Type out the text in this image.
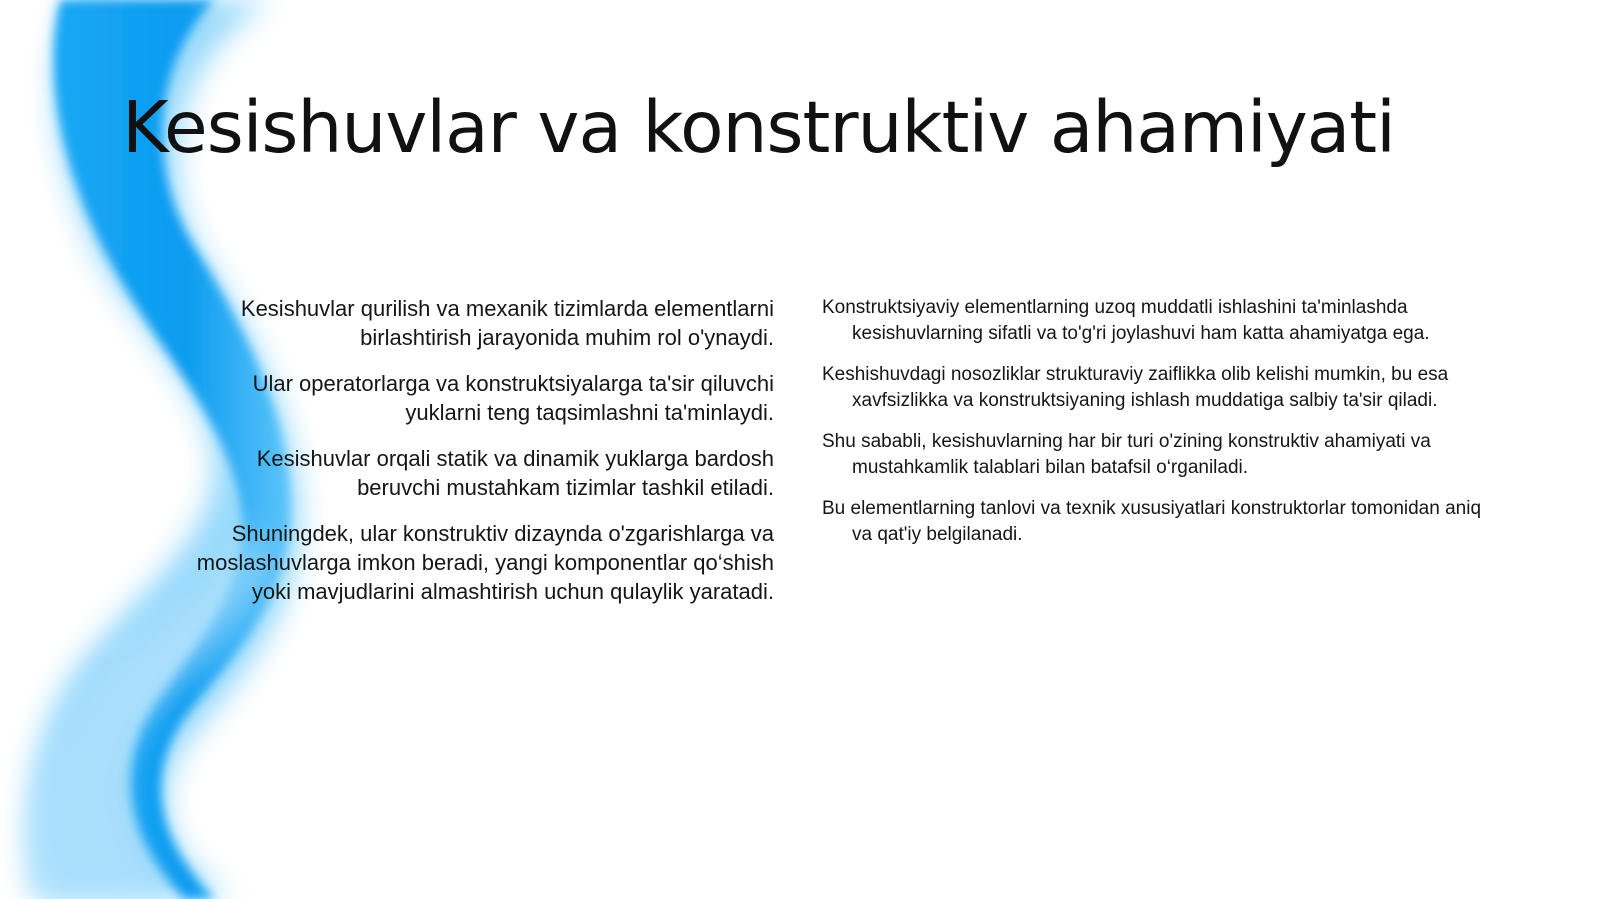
Kesishuvlar va konstruktiv ahamiyati

Kesishuvlar qurilish va mexanik tizimlarda elementlarni birlashtirish jarayonida muhim rol o'ynaydi.

Ular operatorlarga va konstruktsiyalarga ta'sir qiluvchi yuklarni teng taqsimlashni ta'minlaydi.

Kesishuvlar orqali statik va dinamik yuklarga bardosh beruvchi mustahkam tizimlar tashkil etiladi.

Shuningdek, ular konstruktiv dizaynda o'zgarishlarga va moslashuvlarga imkon beradi, yangi komponentlar qo‘shish yoki mavjudlarini almashtirish uchun qulaylik yaratadi.

Konstruktsiyaviy elementlarning uzoq muddatli ishlashini ta'minlashda kesishuvlarning sifatli va to'g'ri joylashuvi ham katta ahamiyatga ega.

Keshishuvdagi nosozliklar strukturaviy zaiflikka olib kelishi mumkin, bu esa xavfsizlikka va konstruktsiyaning ishlash muddatiga salbiy ta'sir qiladi.

Shu sababli, kesishuvlarning har bir turi o'zining konstruktiv ahamiyati va mustahkamlik talablari bilan batafsil o‘rganiladi.

Bu elementlarning tanlovi va texnik xususiyatlari konstruktorlar tomonidan aniq va qat'iy belgilanadi.
